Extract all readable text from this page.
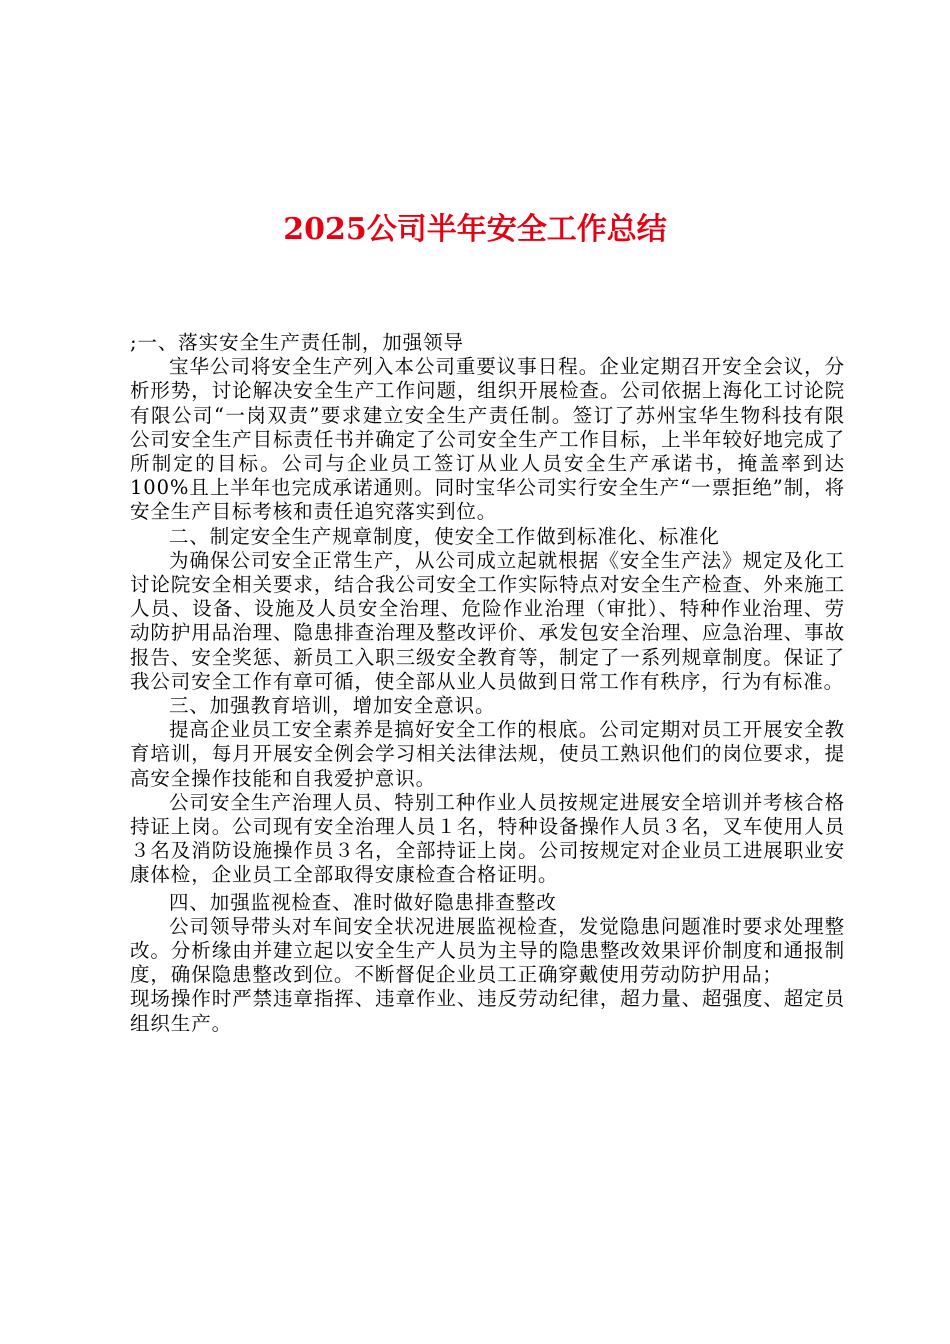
2025公司半年安全工作总结

;一、落实安全生产责任制，加强领导

宝华公司将安全生产列入本公司重要议事日程。企业定期召开安全会议，分析形势，讨论解决安全生产工作问题，组织开展检查。公司依据上海化工讨论院有限公司“一岗双责”要求建立安全生产责任制。签订了苏州宝华生物科技有限公司安全生产目标责任书并确定了公司安全生产工作目标，上半年较好地完成了所制定的目标。公司与企业员工签订从业人员安全生产承诺书，掩盖率到达100%且上半年也完成承诺通则。同时宝华公司实行安全生产“一票拒绝”制，将安全生产目标考核和责任追究落实到位。

二、制定安全生产规章制度，使安全工作做到标准化、标准化

为确保公司安全正常生产，从公司成立起就根据《安全生产法》规定及化工讨论院安全相关要求，结合我公司安全工作实际特点对安全生产检查、外来施工人员、设备、设施及人员安全治理、危险作业治理（审批）、特种作业治理、劳动防护用品治理、隐患排查治理及整改评价、承发包安全治理、应急治理、事故报告、安全奖惩、新员工入职三级安全教育等，制定了一系列规章制度。保证了我公司安全工作有章可循，使全部从业人员做到日常工作有秩序，行为有标准。

三、加强教育培训，增加安全意识。

提高企业员工安全素养是搞好安全工作的根底。公司定期对员工开展安全教育培训，每月开展安全例会学习相关法律法规，使员工熟识他们的岗位要求，提高安全操作技能和自我爱护意识。

公司安全生产治理人员、特别工种作业人员按规定进展安全培训并考核合格持证上岗。公司现有安全治理人员１名，特种设备操作人员３名，叉车使用人员３名及消防设施操作员３名，全部持证上岗。公司按规定对企业员工进展职业安康体检，企业员工全部取得安康检查合格证明。

四、加强监视检查、准时做好隐患排查整改

公司领导带头对车间安全状况进展监视检查，发觉隐患问题准时要求处理整改。分析缘由并建立起以安全生产人员为主导的隐患整改效果评价制度和通报制度，确保隐患整改到位。不断督促企业员工正确穿戴使用劳动防护用品；

现场操作时严禁违章指挥、违章作业、违反劳动纪律，超力量、超强度、超定员组织生产。
